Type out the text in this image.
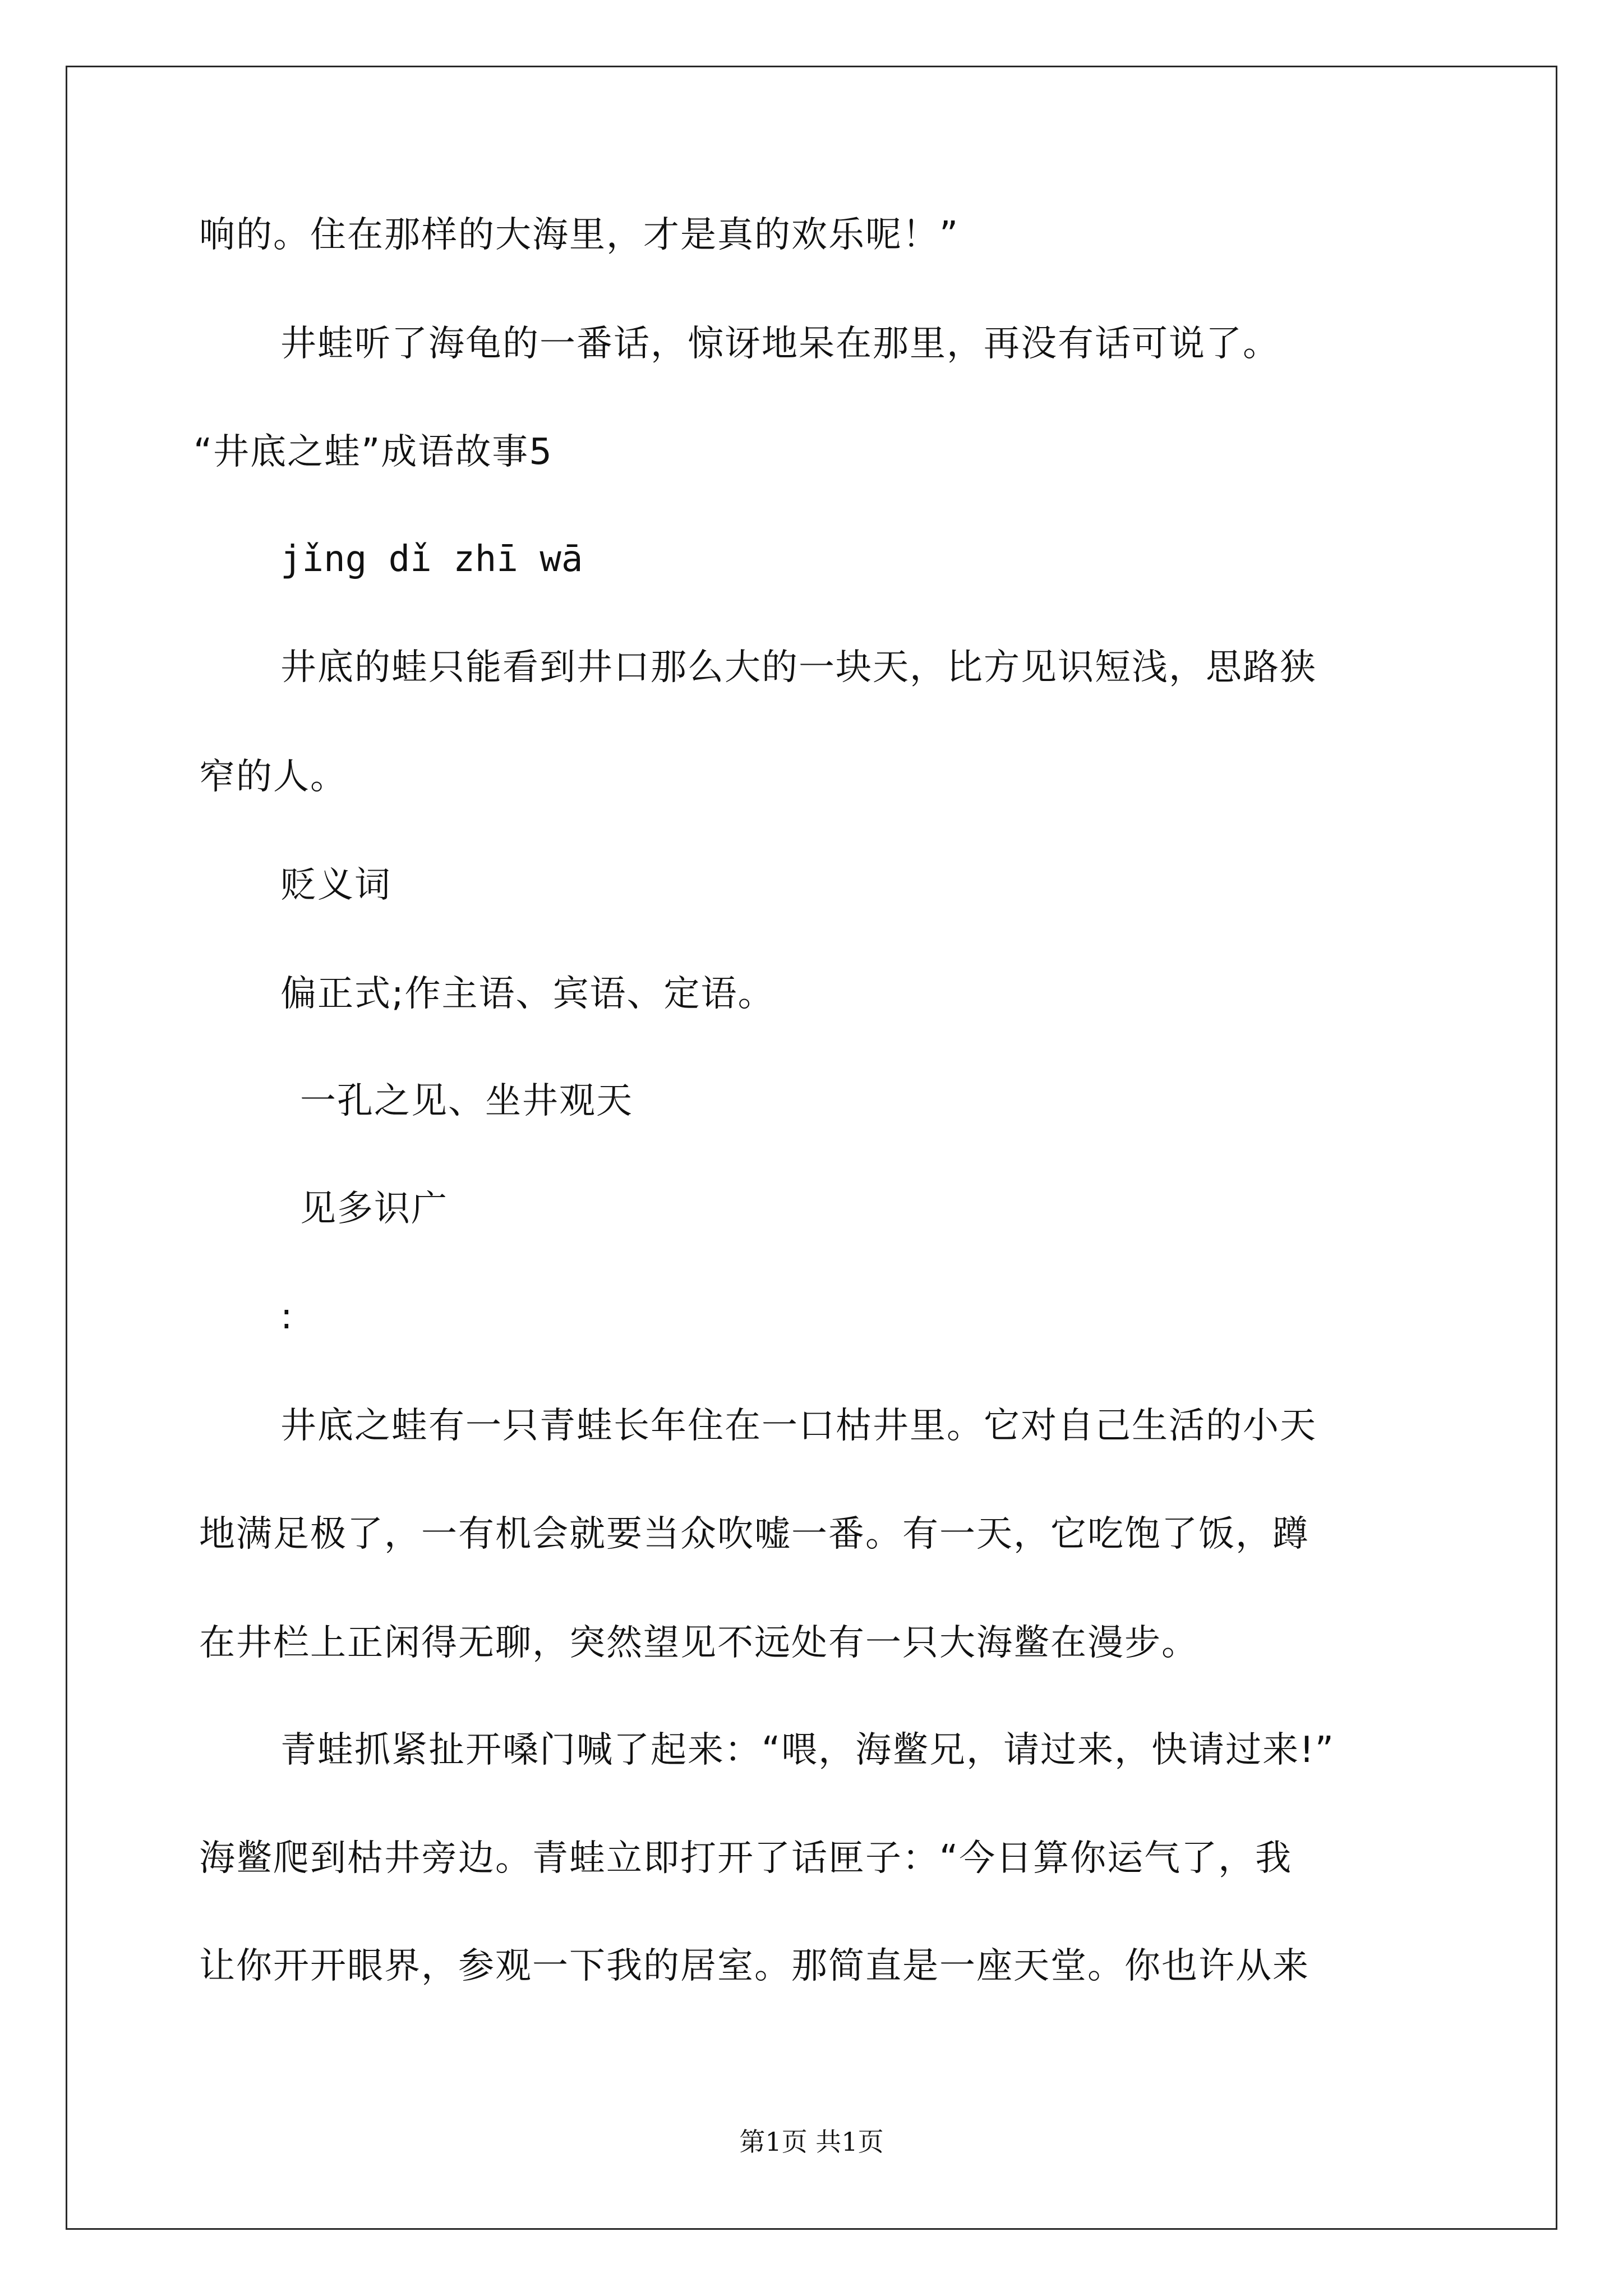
响的。住在那样的大海里，才是真的欢乐呢！”

井蛙听了海龟的一番话，惊讶地呆在那里，再没有话可说了。

“井底之蛙”成语故事5

jǐng dǐ zhī wā

井底的蛙只能看到井口那么大的一块天，比方见识短浅，思路狭

窄的人。

贬义词

偏正式;作主语、宾语、定语。

一孔之见、坐井观天

见多识广

:

井底之蛙有一只青蛙长年住在一口枯井里。它对自己生活的小天

地满足极了，一有机会就要当众吹嘘一番。有一天，它吃饱了饭，蹲

在井栏上正闲得无聊，突然望见不远处有一只大海鳖在漫步。

青蛙抓紧扯开嗓门喊了起来：“喂，海鳖兄，请过来，快请过来!”

海鳖爬到枯井旁边。青蛙立即打开了话匣子：“今日算你运气了，我

让你开开眼界，参观一下我的居室。那简直是一座天堂。你也许从来

第1页 共1页
